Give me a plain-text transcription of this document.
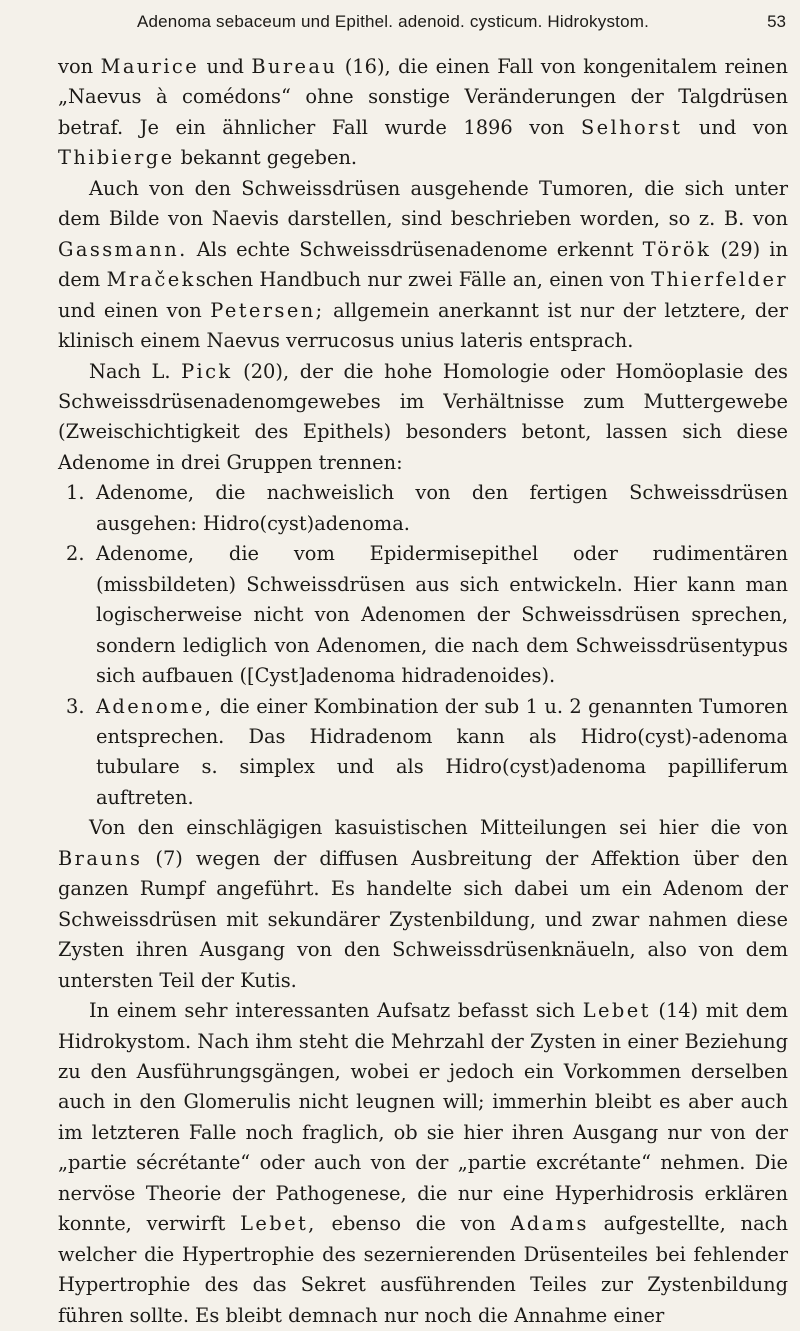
Adenoma sebaceum und Epithel. adenoid. cysticum. Hidrokystom.	53

von Maurice und Bureau (16), die einen Fall von kongenitalem reinen „Naevus à comédons“ ohne sonstige Veränderungen der Talgdrüsen betraf. Je ein ähnlicher Fall wurde 1896 von Selhorst und von Thibierge bekannt gegeben.

Auch von den Schweissdrüsen ausgehende Tumoren, die sich unter dem Bilde von Naevis darstellen, sind beschrieben worden, so z. B. von Gassmann. Als echte Schweissdrüsenadenome erkennt Török (29) in dem Mračekschen Handbuch nur zwei Fälle an, einen von Thierfelder und einen von Petersen; allgemein anerkannt ist nur der letztere, der klinisch einem Naevus verrucosus unius lateris entsprach.

Nach L. Pick (20), der die hohe Homologie oder Homöoplasie des Schweissdrüsenadenomgewebes im Verhältnisse zum Muttergewebe (Zweischichtigkeit des Epithels) besonders betont, lassen sich diese Adenome in drei Gruppen trennen:

1. Adenome, die nachweislich von den fertigen Schweissdrüsen ausgehen: Hidro(cyst)adenoma.
2. Adenome, die vom Epidermisepithel oder rudimentären (missbildeten) Schweissdrüsen aus sich entwickeln. Hier kann man logischerweise nicht von Adenomen der Schweissdrüsen sprechen, sondern lediglich von Adenomen, die nach dem Schweissdrüsentypus sich aufbauen ([Cyst]adenoma hidradenoides).
3. Adenome, die einer Kombination der sub 1 u. 2 genannten Tumoren entsprechen. Das Hidradenom kann als Hidro(cyst)-adenoma tubulare s. simplex und als Hidro(cyst)adenoma papilliferum auftreten.

Von den einschlägigen kasuistischen Mitteilungen sei hier die von Brauns (7) wegen der diffusen Ausbreitung der Affektion über den ganzen Rumpf angeführt. Es handelte sich dabei um ein Adenom der Schweissdrüsen mit sekundärer Zystenbildung, und zwar nahmen diese Zysten ihren Ausgang von den Schweissdrüsenknäueln, also von dem untersten Teil der Kutis.

In einem sehr interessanten Aufsatz befasst sich Lebet (14) mit dem Hidrokystom. Nach ihm steht die Mehrzahl der Zysten in einer Beziehung zu den Ausführungsgängen, wobei er jedoch ein Vorkommen derselben auch in den Glomerulis nicht leugnen will; immerhin bleibt es aber auch im letzteren Falle noch fraglich, ob sie hier ihren Ausgang nur von der „partie sécrétante“ oder auch von der „partie excrétante“ nehmen. Die nervöse Theorie der Pathogenese, die nur eine Hyperhidrosis erklären konnte, verwirft Lebet, ebenso die von Adams aufgestellte, nach welcher die Hypertrophie des sezernierenden Drüsenteiles bei fehlender Hypertrophie des das Sekret ausführenden Teiles zur Zystenbildung führen sollte. Es bleibt demnach nur noch die Annahme einer
